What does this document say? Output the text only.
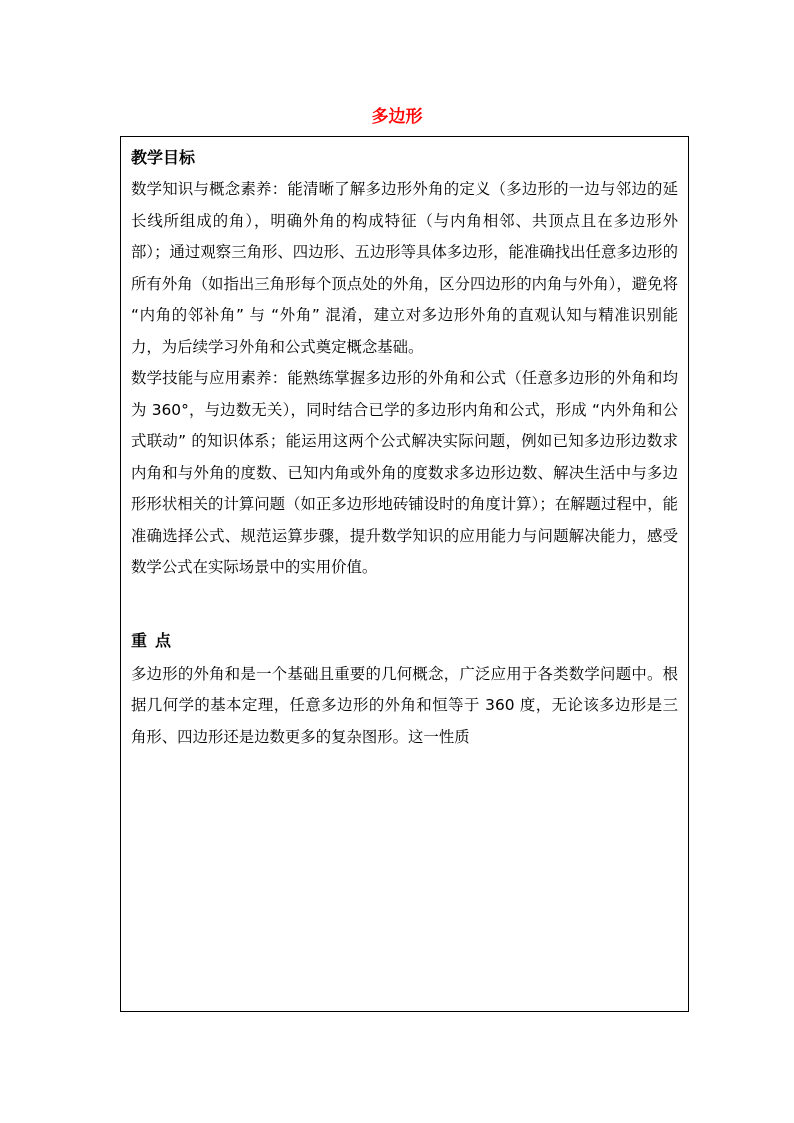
多边形

教学目标

数学知识与概念素养：能清晰了解多边形外角的定义（多边形的一边与邻边的延长线所组成的角），明确外角的构成特征（与内角相邻、共顶点且在多边形外部）；通过观察三角形、四边形、五边形等具体多边形，能准确找出任意多边形的所有外角（如指出三角形每个顶点处的外角，区分四边形的内角与外角），避免将 “内角的邻补角” 与 “外角” 混淆，建立对多边形外角的直观认知与精准识别能力，为后续学习外角和公式奠定概念基础。

数学技能与应用素养：能熟练掌握多边形的外角和公式（任意多边形的外角和均为 360°，与边数无关），同时结合已学的多边形内角和公式，形成 “内外角和公式联动” 的知识体系；能运用这两个公式解决实际问题，例如已知多边形边数求内角和与外角的度数、已知内角或外角的度数求多边形边数、解决生活中与多边形形状相关的计算问题（如正多边形地砖铺设时的角度计算）；在解题过程中，能准确选择公式、规范运算步骤，提升数学知识的应用能力与问题解决能力，感受数学公式在实际场景中的实用价值。

重点

多边形的外角和是一个基础且重要的几何概念，广泛应用于各类数学问题中。根据几何学的基本定理，任意多边形的外角和恒等于 360 度，无论该多边形是三角形、四边形还是边数更多的复杂图形。这一性质
